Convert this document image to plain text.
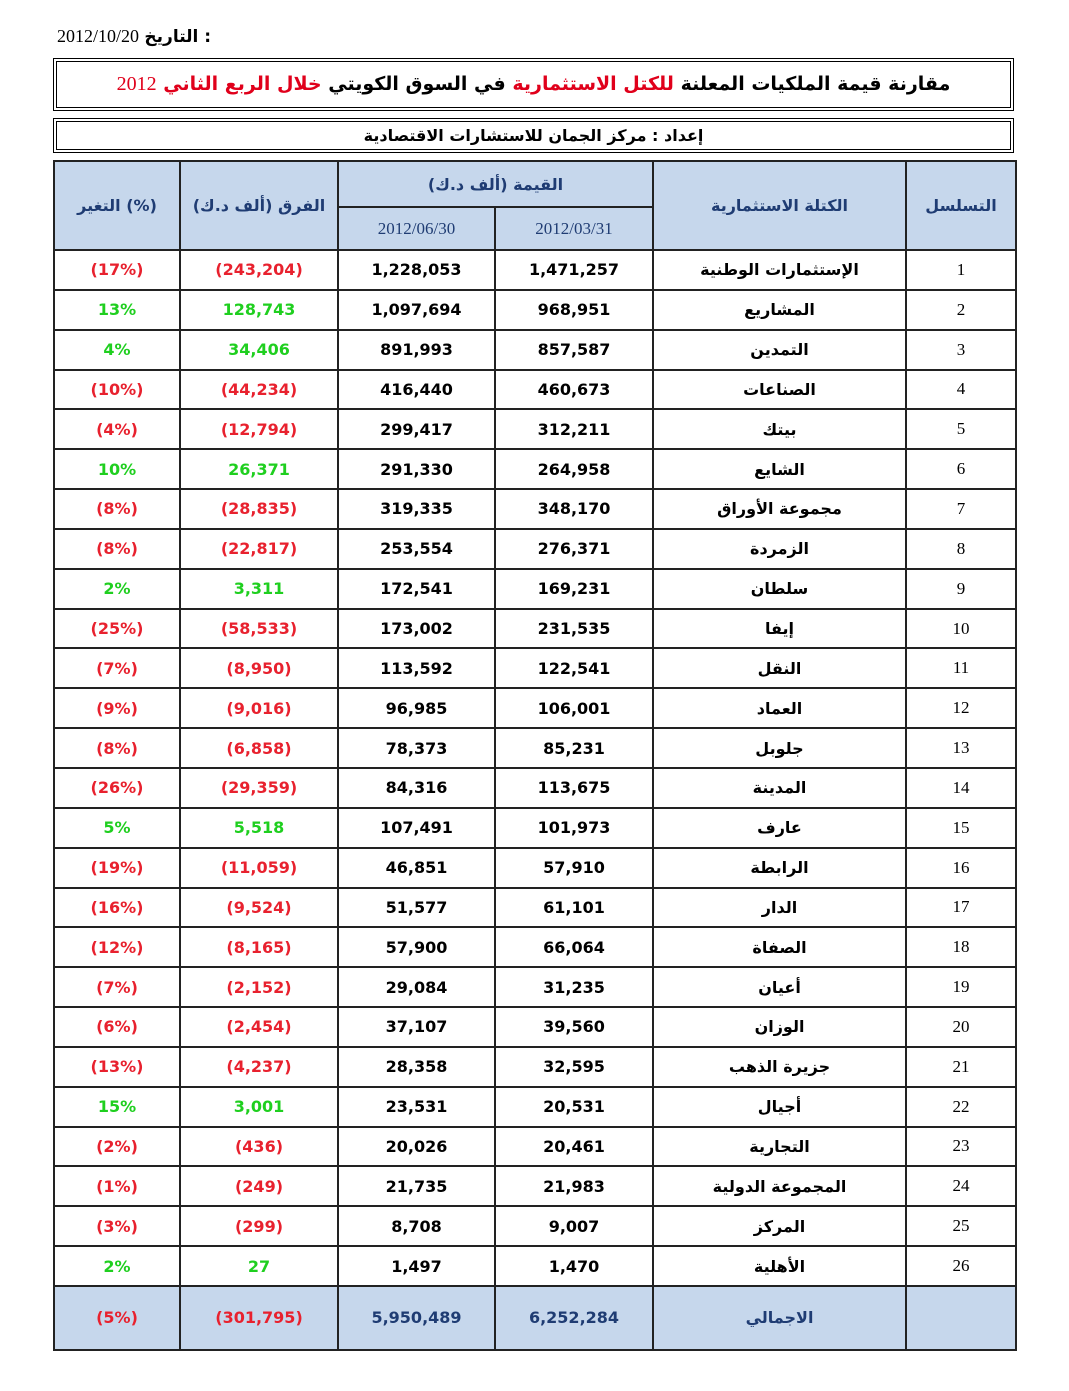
2012/10/20 التاريخ :
مقارنة قيمة الملكيات المعلنة للكتل الاستثمارية في السوق الكويتي خلال الربع الثاني 2012
إعداد : مركز الجمان للاستشارات الاقتصادية
التغير (%)	الفرق (ألف د.ك)	القيمة (ألف د.ك)		الكتلة الاستثمارية	التسلسل
		2012/06/30	2012/03/31		
(17%)	(243,204)	1,228,053	1,471,257	الإستثمارات الوطنية	1
13%	128,743	1,097,694	968,951	المشاريع	2
4%	34,406	891,993	857,587	التمدين	3
(10%)	(44,234)	416,440	460,673	الصناعات	4
(4%)	(12,794)	299,417	312,211	بيتك	5
10%	26,371	291,330	264,958	الشايع	6
(8%)	(28,835)	319,335	348,170	مجموعة الأوراق	7
(8%)	(22,817)	253,554	276,371	الزمردة	8
2%	3,311	172,541	169,231	سلطان	9
(25%)	(58,533)	173,002	231,535	إيفا	10
(7%)	(8,950)	113,592	122,541	النقل	11
(9%)	(9,016)	96,985	106,001	العماد	12
(8%)	(6,858)	78,373	85,231	جلوبل	13
(26%)	(29,359)	84,316	113,675	المدينة	14
5%	5,518	107,491	101,973	عارف	15
(19%)	(11,059)	46,851	57,910	الرابطة	16
(16%)	(9,524)	51,577	61,101	الدار	17
(12%)	(8,165)	57,900	66,064	الصفاة	18
(7%)	(2,152)	29,084	31,235	أعيان	19
(6%)	(2,454)	37,107	39,560	الوزان	20
(13%)	(4,237)	28,358	32,595	جزيرة الذهب	21
15%	3,001	23,531	20,531	أجيال	22
(2%)	(436)	20,026	20,461	التجارية	23
(1%)	(249)	21,735	21,983	المجموعة الدولية	24
(3%)	(299)	8,708	9,007	المركز	25
2%	27	1,497	1,470	الأهلية	26
(5%)	(301,795)	5,950,489	6,252,284	الاجمالي	
